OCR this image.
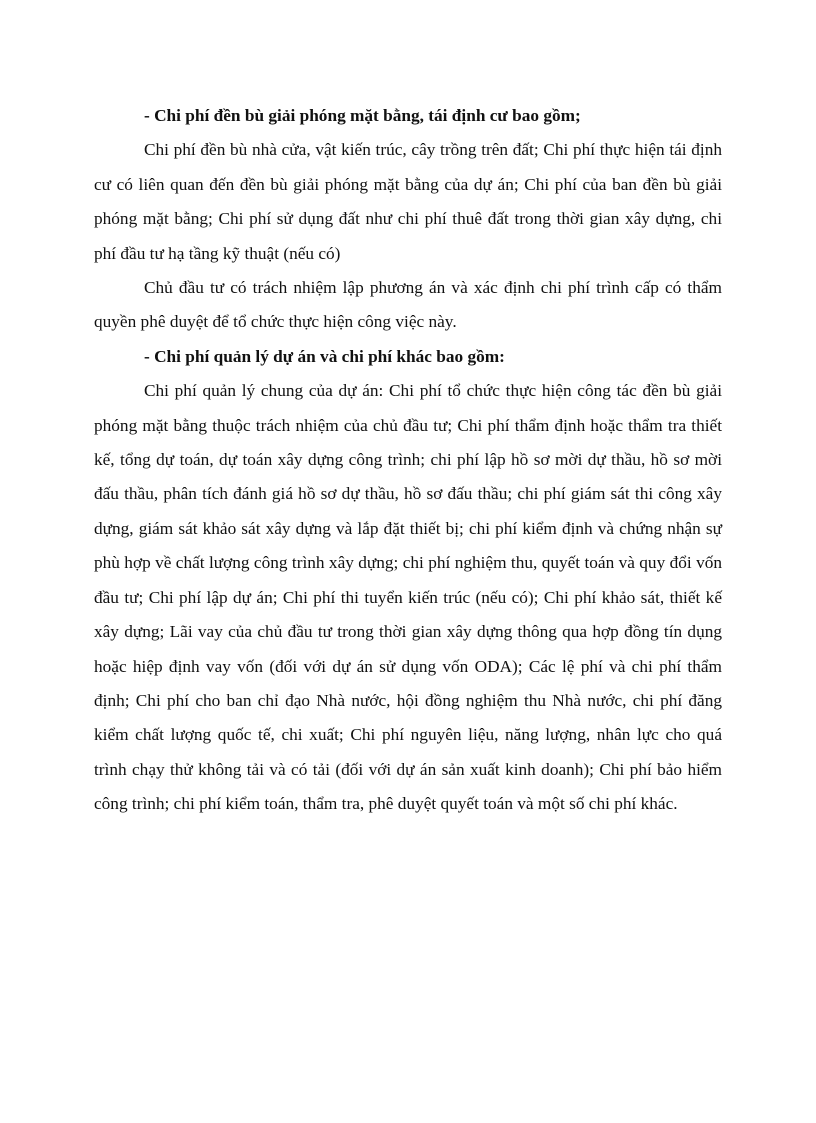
- Chi phí đền bù giải phóng mặt bằng, tái định cư bao gồm;

Chi phí đền bù nhà cửa, vật kiến trúc, cây trồng trên đất; Chi phí thực hiện tái định cư có liên quan đến đền bù giải phóng mặt bằng của dự án; Chi phí của ban đền bù giải phóng mặt bằng; Chi phí sử dụng đất như chi phí thuê đất trong thời gian xây dựng, chi phí đầu tư hạ tầng kỹ thuật (nếu có)

Chủ đầu tư có trách nhiệm lập phương án và xác định chi phí trình cấp có thẩm quyền phê duyệt để tổ chức thực hiện công việc này.

- Chi phí quản lý dự án và chi phí khác bao gồm:

Chi phí quản lý chung của dự án: Chi phí tổ chức thực hiện công tác đền bù giải phóng mặt bằng thuộc trách nhiệm của chủ đầu tư; Chi phí thẩm định hoặc thẩm tra thiết kế, tổng dự toán, dự toán xây dựng công trình; chi phí lập hồ sơ mời dự thầu, hồ sơ mời đấu thầu, phân tích đánh giá hồ sơ dự thầu, hồ sơ đấu thầu; chi phí giám sát thi công xây dựng, giám sát khảo sát xây dựng và lắp đặt thiết bị; chi phí kiểm định và chứng nhận sự phù hợp về chất lượng công trình xây dựng; chi phí nghiệm thu, quyết toán và quy đổi vốn đầu tư; Chi phí lập dự án; Chi phí thi tuyển kiến trúc (nếu có); Chi phí khảo sát, thiết kế xây dựng; Lãi vay của chủ đầu tư trong thời gian xây dựng thông qua hợp đồng tín dụng hoặc hiệp định vay vốn (đối với dự án sử dụng vốn ODA); Các lệ phí và chi phí thẩm định; Chi phí cho ban chỉ đạo Nhà nước, hội đồng nghiệm thu Nhà nước, chi phí đăng kiểm chất lượng quốc tế, chi xuất; Chi phí nguyên liệu, năng lượng, nhân lực cho quá trình chạy thử không tải và có tải (đối với dự án sản xuất kinh doanh); Chi phí bảo hiểm công trình; chi phí kiểm toán, thẩm tra, phê duyệt quyết toán và một số chi phí khác.
